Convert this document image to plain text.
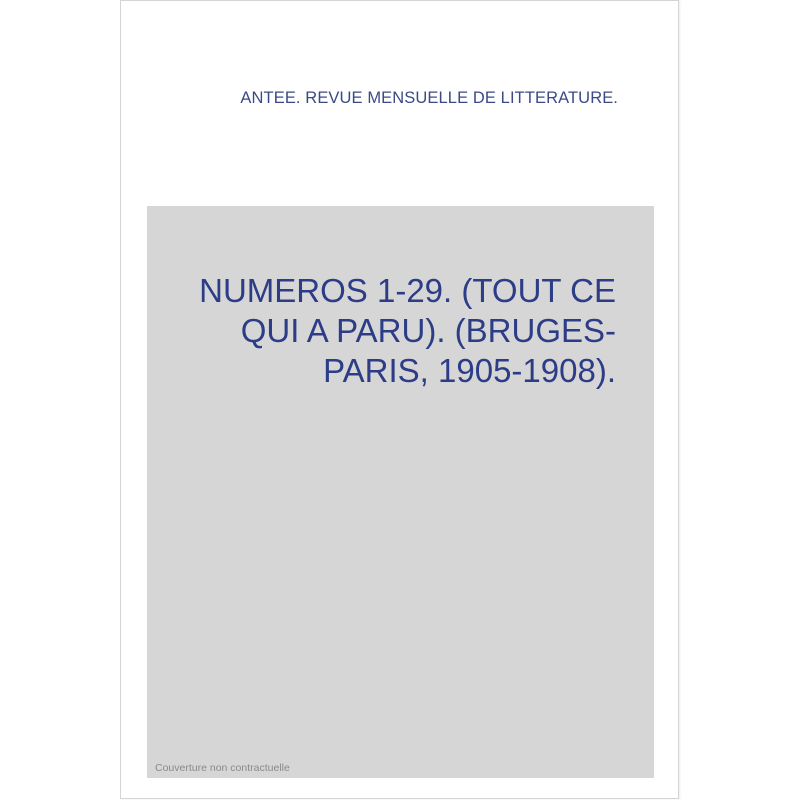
ANTEE. REVUE MENSUELLE DE LITTERATURE.

NUMEROS 1-29. (TOUT CE QUI A PARU). (BRUGES-PARIS, 1905-1908).

Couverture non contractuelle
